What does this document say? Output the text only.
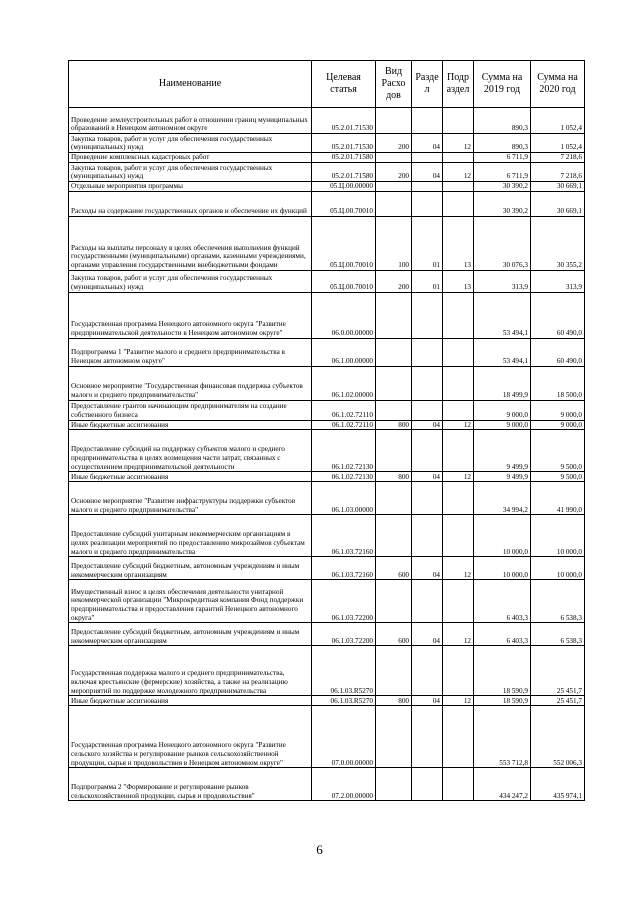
Наименование	Целевая статья	Вид Расхо дов	Разде л	Подр аздел	Сумма на 2019 год	Сумма на 2020 год
Проведение землеустроительных работ в отношении границ муниципальных образований в Ненецком автономном округе	05.2.01.71530				890,3	1 052,4
Закупка товаров, работ и услуг для обеспечения государственных (муниципальных) нужд	05.2.01.71530	200	04	12	890,3	1 052,4
Проведение комплексных кадастровых работ	05.2.01.71580				6 711,9	7 218,6
Закупка товаров, работ и услуг для обеспечения государственных (муниципальных) нужд	05.2.01.71580	200	04	12	6 711,9	7 218,6
Отдельные мероприятия программы	05.Ц.00.00000				30 390,2	30 669,1
Расходы на содержание государственных органов и обеспечение их функций	05.Ц.00.70010				30 390,2	30 669,1
Расходы на выплаты персоналу в целях обеспечения выполнения функций государственными (муниципальными) органами, казенными учреждениями, органами управления государственными внебюджетными фондами	05.Ц.00.70010	100	01	13	30 076,3	30 355,2
Закупка товаров, работ и услуг для обеспечения государственных (муниципальных) нужд	05.Ц.00.70010	200	01	13	313,9	313,9
Государственная программа Ненецкого автономного округа "Развитие предпринимательской деятельности в Ненецком автономном округе"	06.0.00.00000				53 494,1	60 490,0
Подпрограмма 1 "Развитие малого и среднего предпринимательства в Ненецком автономном округе"	06.1.00.00000				53 494,1	60 490,0
Основное мероприятие "Государственная финансовая поддержка субъектов малого и среднего предпринимательства"	06.1.02.00000				18 499,9	18 500,0
Предоставление грантов начинающим предпринимателям на создание собственного бизнеса	06.1.02.72110				9 000,0	9 000,0
Иные бюджетные ассигнования	06.1.02.72110	800	04	12	9 000,0	9 000,0
Предоставление субсидий на поддержку субъектов малого и среднего предпринимательства в целях возмещения части затрат, связанных с осуществлением предпринимательской деятельности	06.1.02.72130				9 499,9	9 500,0
Иные бюджетные ассигнования	06.1.02.72130	800	04	12	9 499,9	9 500,0
Основное мероприятие "Развитие инфраструктуры поддержки субъектов малого и среднего предпринимательства"	06.1.03.00000				34 994,2	41 990,0
Предоставление субсидий унитарным некоммерческим организациям в целях реализации мероприятий по предоставлению микрозаймов субъектам малого и среднего предпринимательства	06.1.03.72160				10 000,0	10 000,0
Предоставление субсидий бюджетным, автономным учреждениям и иным некоммерческим организациям	06.1.03.72160	600	04	12	10 000,0	10 000,0
Имущественный взнос в целях обеспечения деятельности унитарной некоммерческой организации "Микрокредитная компания Фонд поддержки предпринимательства и предоставления гарантий Ненецкого автономного округа"	06.1.03.72200				6 403,3	6 538,3
Предоставление субсидий бюджетным, автономным учреждениям и иным некоммерческим организациям	06.1.03.72200	600	04	12	6 403,3	6 538,3
Государственная поддержка малого и среднего предпринимательства, включая крестьянские (фермерские) хозяйства, а также на реализацию мероприятий по поддержке молодежного предпринимательства	06.1.03.R5270				18 590,9	25 451,7
Иные бюджетные ассигнования	06.1.03.R5270	800	04	12	18 590,9	25 451,7
Государственная программа Ненецкого автономного округа "Развитие сельского хозяйства и регулирование рынков сельскохозяйственной продукции, сырья и продовольствия в Ненецком автономном округе"	07.0.00.00000				553 712,8	552 006,3
Подпрограмма 2 "Формирование и регулирование рынков сельскохозяйственной продукции, сырья и продовольствия"	07.2.00.00000				434 247,2	435 974,1
6
